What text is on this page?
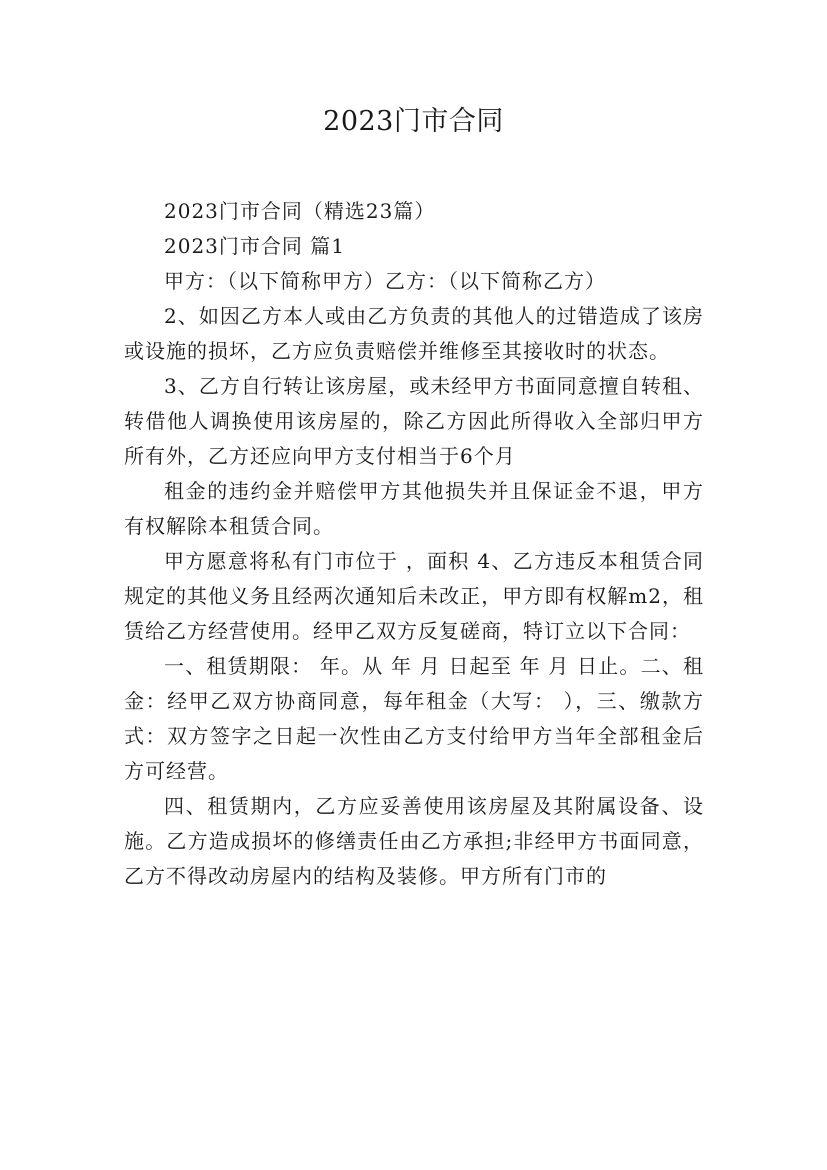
2023门市合同

2023门市合同（精选23篇）

2023门市合同 篇1

甲方：（以下简称甲方）乙方：（以下简称乙方）

2、如因乙方本人或由乙方负责的其他人的过错造成了该房或设施的损坏，乙方应负责赔偿并维修至其接收时的状态。

3、乙方自行转让该房屋，或未经甲方书面同意擅自转租、转借他人调换使用该房屋的，除乙方因此所得收入全部归甲方所有外，乙方还应向甲方支付相当于6个月

租金的违约金并赔偿甲方其他损失并且保证金不退，甲方有权解除本租赁合同。

甲方愿意将私有门市位于 ，面积 4、乙方违反本租赁合同规定的其他义务且经两次通知后未改正，甲方即有权解m2，租赁给乙方经营使用。经甲乙双方反复磋商，特订立以下合同：

一、租赁期限： 年。从 年 月 日起至 年 月 日止。二、租金：经甲乙双方协商同意，每年租金（大写： ），三、缴款方式：双方签字之日起一次性由乙方支付给甲方当年全部租金后方可经营。

四、租赁期内，乙方应妥善使用该房屋及其附属设备、设施。乙方造成损坏的修缮责任由乙方承担;非经甲方书面同意，乙方不得改动房屋内的结构及装修。甲方所有门市的
